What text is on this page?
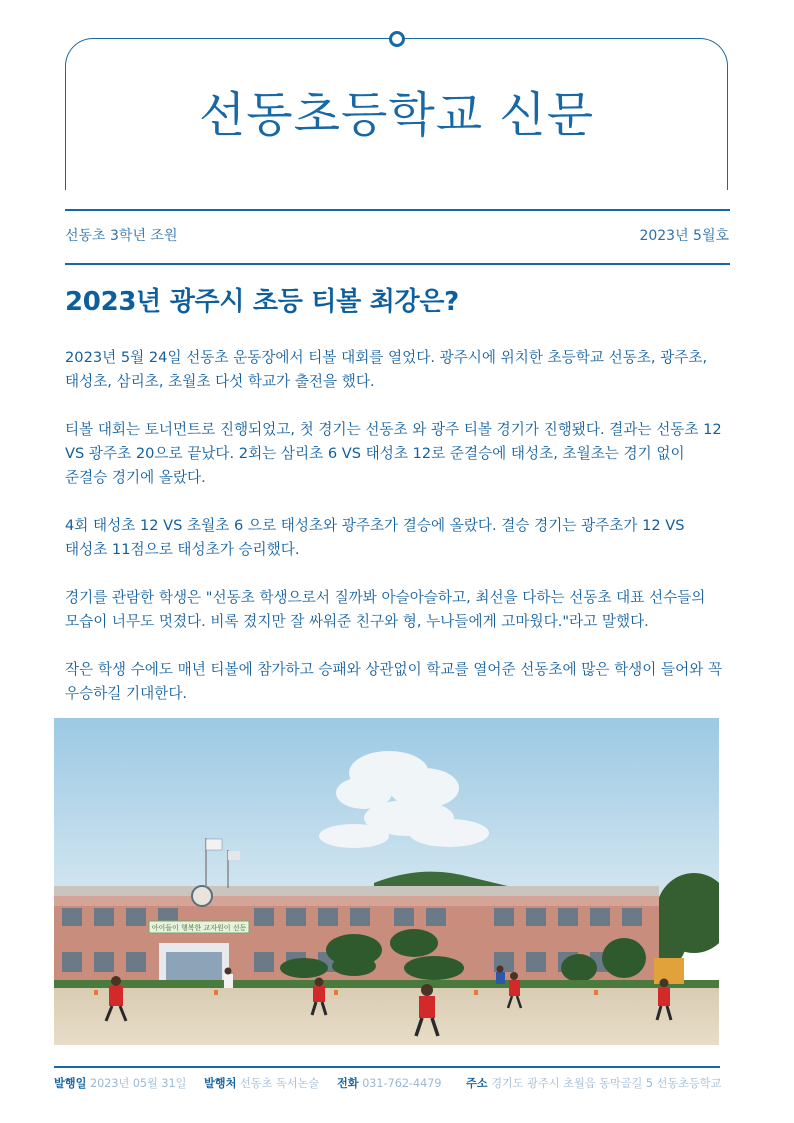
선동초등학교 신문
선동초 3학년 조원	2023년 5월호
2023년 광주시 초등 티볼 최강은?

2023년 5월 24일 선동초 운동장에서 티볼 대회를 열었다. 광주시에 위치한 초등학교 선동초, 광주초, 태성초, 삼리초, 초월초 다섯 학교가 출전을 했다.

티볼 대회는 토너먼트로 진행되었고, 첫 경기는 선동초 와 광주 티볼 경기가 진행됐다. 결과는 선동초 12 VS 광주초 20으로 끝났다. 2회는 삼리초 6 VS 태성초 12로 준결승에 태성초, 초월초는 경기 없이 준결승 경기에 올랐다.

4회 태성초 12 VS 초월초 6 으로 태성초와 광주초가 결승에 올랐다. 결승 경기는 광주초가 12 VS 태성초 11점으로 태성초가 승리했다.

경기를 관람한 학생은 "선동초 학생으로서 질까봐 아슬아슬하고, 최선을 다하는 선동초 대표 선수들의 모습이 너무도 멋졌다. 비록 졌지만 잘 싸워준 친구와 형, 누나들에게 고마웠다."라고 말했다.

작은 학생 수에도 매년 티볼에 참가하고 승패와 상관없이 학교를 열어준 선동초에 많은 학생이 들어와 꼭 우승하길 기대한다.

아이들이 행복한 교자원이 선동
발행일 2023년 05월 31일 발행처 선동초 독서논술 전화 031-762-4479 주소 경기도 광주시 초월읍 동막골길 5 선동초등학교
